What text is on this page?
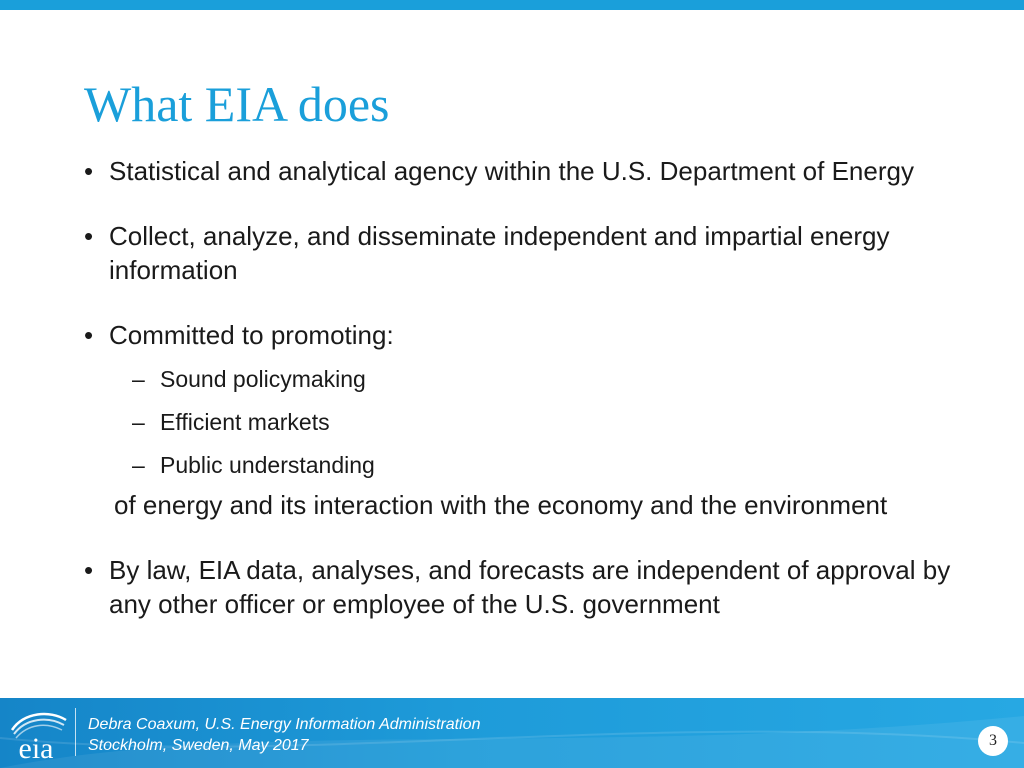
What EIA does

• Statistical and analytical agency within the U.S. Department of Energy

• Collect, analyze, and disseminate independent and impartial energy information

• Committed to promoting:

– Sound policymaking
– Efficient markets
– Public understanding

of energy and its interaction with the economy and the environment

• By law, EIA data, analyses, and forecasts are independent of approval by any other officer or employee of the U.S. government

eia
Debra Coaxum, U.S. Energy Information Administration
Stockholm, Sweden, May 2017	3
